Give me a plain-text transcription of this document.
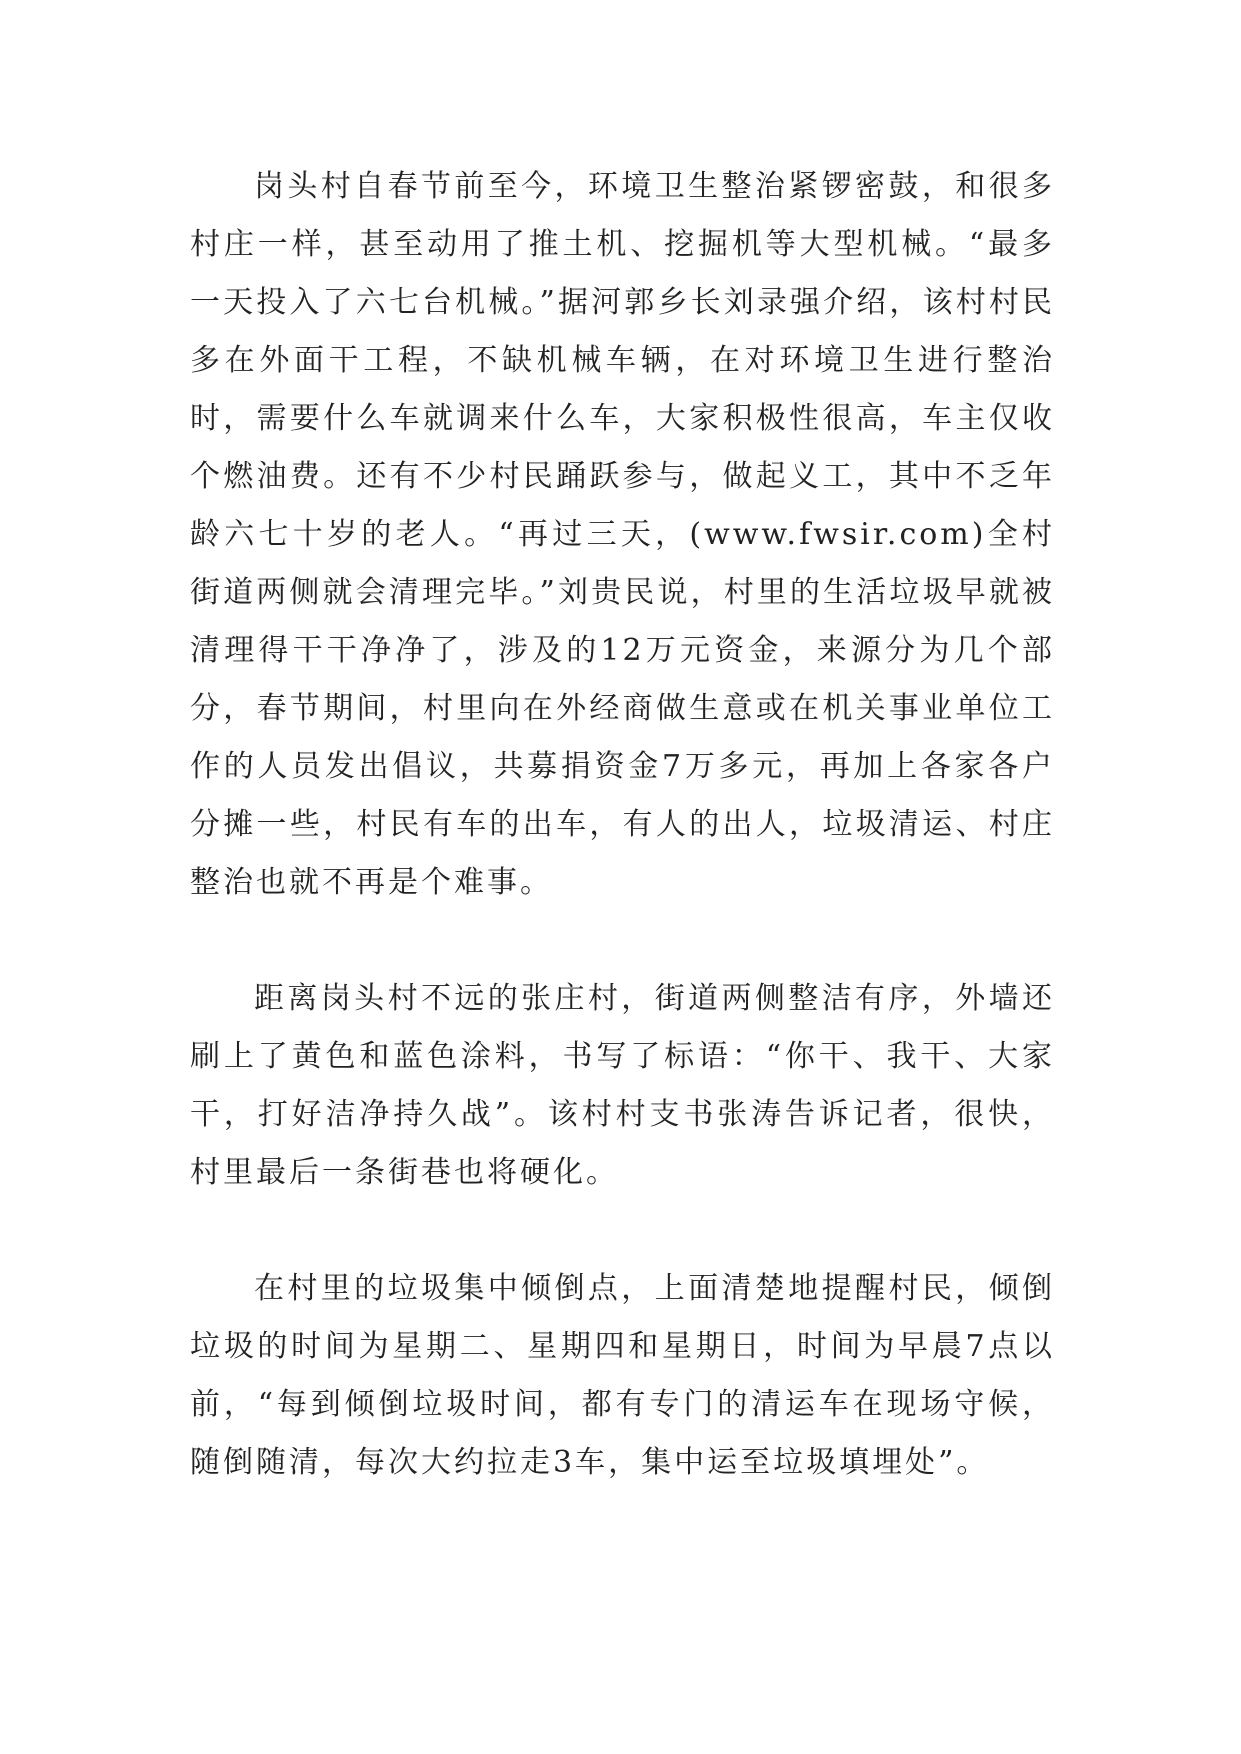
岗头村自春节前至今，环境卫生整治紧锣密鼓，和很多村庄一样，甚至动用了推土机、挖掘机等大型机械。“最多一天投入了六七台机械。”据河郭乡长刘录强介绍，该村村民多在外面干工程，不缺机械车辆，在对环境卫生进行整治时，需要什么车就调来什么车，大家积极性很高，车主仅收个燃油费。还有不少村民踊跃参与，做起义工，其中不乏年龄六七十岁的老人。“再过三天，(www.fwsir.com)全村街道两侧就会清理完毕。”刘贵民说，村里的生活垃圾早就被清理得干干净净了，涉及的12万元资金，来源分为几个部分，春节期间，村里向在外经商做生意或在机关事业单位工作的人员发出倡议，共募捐资金7万多元，再加上各家各户分摊一些，村民有车的出车，有人的出人，垃圾清运、村庄整治也就不再是个难事。

距离岗头村不远的张庄村，街道两侧整洁有序，外墙还刷上了黄色和蓝色涂料，书写了标语：“你干、我干、大家干，打好洁净持久战”。该村村支书张涛告诉记者，很快，村里最后一条街巷也将硬化。

在村里的垃圾集中倾倒点，上面清楚地提醒村民，倾倒垃圾的时间为星期二、星期四和星期日，时间为早晨7点以前，“每到倾倒垃圾时间，都有专门的清运车在现场守候，随倒随清，每次大约拉走3车，集中运至垃圾填埋处”。
